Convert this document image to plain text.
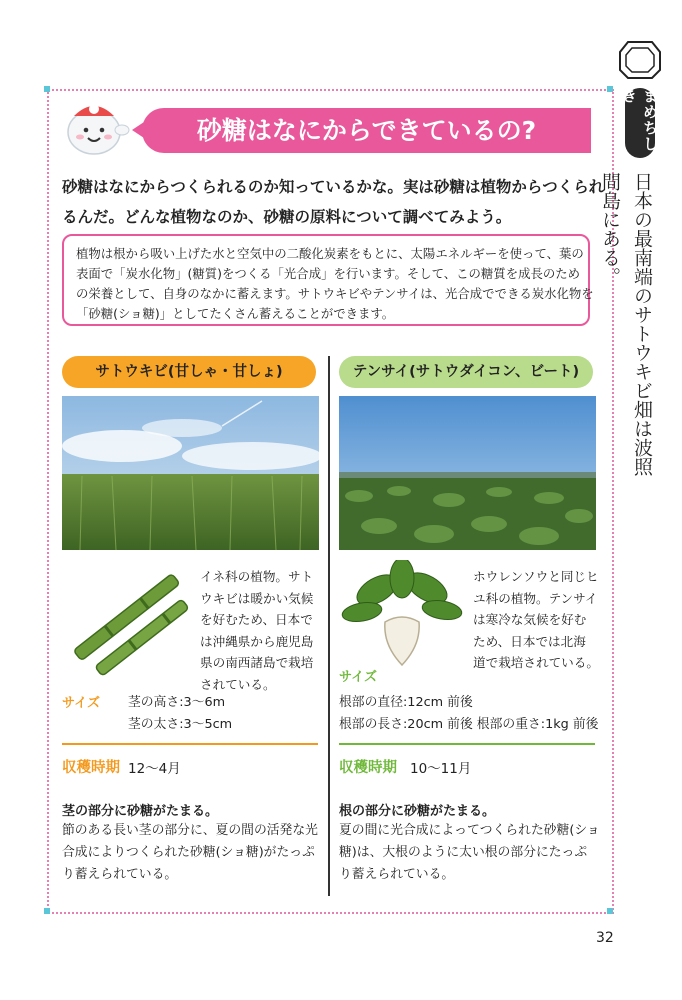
まめちしき
日本の最南端のサトウキビ畑は波照間島にある。
砂糖はなにからできているの?
砂糖はなにからつくられるのか知っているかな。実は砂糖は植物からつくられ
るんだ。どんな植物なのか、砂糖の原料について調べてみよう。
植物は根から吸い上げた水と空気中の二酸化炭素をもとに、太陽エネルギーを使って、葉の
表面で「炭水化物」(糖質)をつくる「光合成」を行います。そして、この糖質を成長のため
の栄養として、自身のなかに蓄えます。サトウキビやテンサイは、光合成でできる炭水化物を
「砂糖(ショ糖)」としてたくさん蓄えることができます。
サトウキビ(甘しゃ・甘しょ)
イネ科の植物。サト
ウキビは暖かい気候
を好むため、日本で
は沖縄県から鹿児島
県の南西諸島で栽培
されている。
サイズ 茎の高さ:3～6m
茎の太さ:3～5cm
収穫時期 12～4月
茎の部分に砂糖がたまる。
節のある長い茎の部分に、夏の間の活発な光
合成によりつくられた砂糖(ショ糖)がたっぷ
り蓄えられている。
テンサイ(サトウダイコン、ビート)
ホウレンソウと同じヒ
ユ科の植物。テンサイ
は寒冷な気候を好む
ため、日本では北海
道で栽培されている。
サイズ
根部の直径:12cm 前後
根部の長さ:20cm 前後 根部の重さ:1kg 前後
収穫時期 10～11月
根の部分に砂糖がたまる。
夏の間に光合成によってつくられた砂糖(ショ
糖)は、大根のように太い根の部分にたっぷ
り蓄えられている。
32
